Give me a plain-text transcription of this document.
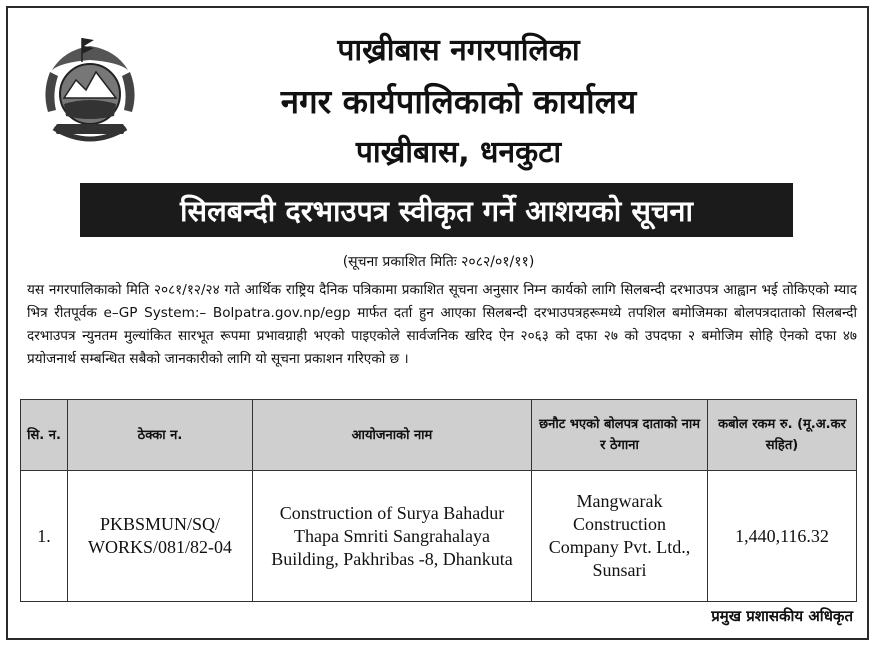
पाख्रीबास नगरपालिका
नगर कार्यपालिकाको कार्यालय
पाख्रीबास, धनकुटा
सिलबन्दी दरभाउपत्र स्वीकृत गर्ने आशयको सूचना
(सूचना प्रकाशित मितिः २०८२/०१/११)
यस नगरपालिकाको मिति २०८१/१२/२४ गते आर्थिक राष्ट्रिय दैनिक पत्रिकामा प्रकाशित सूचना अनुसार निम्न कार्यको लागि सिलबन्दी दरभाउपत्र आह्वान भई तोकिएको म्याद भित्र रीतपूर्वक e–GP System:– Bolpatra.gov.np/egp मार्फत दर्ता हुन आएका सिलबन्दी दरभाउपत्रहरूमध्ये तपशिल बमोजिमका बोलपत्रदाताको सिलबन्दी दरभाउपत्र न्युनतम मुल्यांकित सारभूत रूपमा प्रभावग्राही भएको पाइएकोले सार्वजनिक खरिद ऐन २०६३ को दफा २७ को उपदफा २ बमोजिम सोहि ऐनको दफा ४७ प्रयोजनार्थ सम्बन्धित सबैको जानकारीको लागि यो सूचना प्रकाशन गरिएको छ ।
सि. न.	ठेक्का न.	आयोजनाको नाम	छनौट भएको बोलपत्र दाताको नाम र ठेगाना	कबोल रकम रु. (मू.अ.कर सहित)
1.	PKBSMUN/SQ/ WORKS/081/82-04	Construction of Surya Bahadur Thapa Smriti Sangrahalaya Building, Pakhribas -8, Dhankuta	Mangwarak Construction Company Pvt. Ltd., Sunsari	1,440,116.32
प्रमुख प्रशासकीय अधिकृत
